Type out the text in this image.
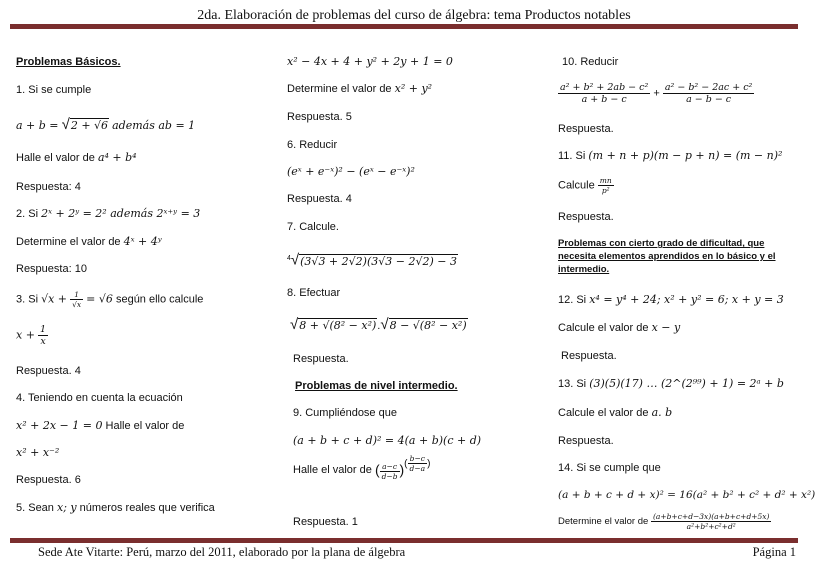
2da. Elaboración de problemas del curso de álgebra: tema Productos notables
Sede Ate Vitarte: Perú, marzo del 2011, elaborado por la plana de álgebra	Página 1
Problemas Básicos.
1. Si se cumple
a + b = √2 + √6 además ab = 1
Halle el valor de a⁴ + b⁴
Respuesta: 4
2. Si 2ˣ + 2ʸ = 2² además 2ˣ⁺ʸ = 3
Determine el valor de 4ˣ + 4ʸ
Respuesta: 10
3. Si $√x + \frac{1}{√x} = √6$ según ello calcule
$x + \frac{1}{x}$
Respuesta. 4
4. Teniendo en cuenta la ecuación
x² + 2x − 1 = 0 Halle el valor de
x² + x⁻²
Respuesta. 6
5. Sean x; y números reales que verifica
x² − 4x + 4 + y² + 2y + 1 = 0
Determine el valor de x² + y²
Respuesta. 5
6. Reducir
(eˣ + e⁻ˣ)² − (eˣ − e⁻ˣ)²
Respuesta. 4
7. Calcule.
$^4$√(3√3 + 2√2)(3√3 − 2√2) − 3
8. Efectuar
√8 + √(8² − x²).√8 − √(8² − x²)
Respuesta.
Problemas de nivel intermedio.
9. Cumpliéndose que
(a + b + c + d)² = 4(a + b)(c + d)
Halle el valor de ( $\frac{a-c}{d-b}$ )( $\frac{b-c}{d-a}$ )
Respuesta. 1
10. Reducir
$\frac{\text{a² + b² + 2ab − c²}}{a + b - c} + \frac{\text{a² − b² − 2ac + c²}}{a - b - c}$
Respuesta.
11. Si (m + n + p)(m − p + n) = (m − n)²
Calcule $\frac{mn}{\text{p²}}$
Respuesta.
Problemas con cierto grado de dificultad, que necesita elementos aprendidos en lo básico y el intermedio.
12. Si x⁴ = y⁴ + 24; x² + y² = 6; x + y = 3
Calcule el valor de x − y
Respuesta.
13. Si (3)(5)(17) … (2^(2⁹⁹) + 1) = 2ᵃ + b
Calcule el valor de a. b
Respuesta.
14. Si se cumple que
(a + b + c + d + x)² = 16(a² + b² + c² + d² + x²)
Determine el valor de $\frac{(a+b+c+d-3x)(a+b+c+d+5x)}{\text{a²+b²+c²+d²}}$
